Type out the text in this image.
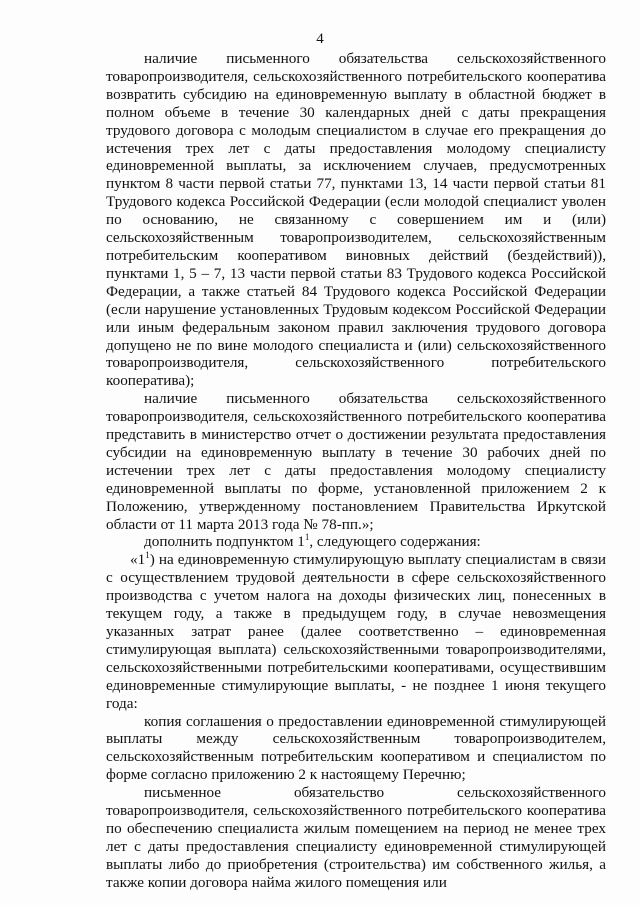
4

наличие письменного обязательства сельскохозяйственного товаропроизводителя, сельскохозяйственного потребительского кооператива возвратить субсидию на единовременную выплату в областной бюджет в полном объеме в течение 30 календарных дней с даты прекращения трудового договора с молодым специалистом в случае его прекращения до истечения трех лет с даты предоставления молодому специалисту единовременной выплаты, за исключением случаев, предусмотренных пунктом 8 части первой статьи 77, пунктами 13, 14 части первой статьи 81 Трудового кодекса Российской Федерации (если молодой специалист уволен по основанию, не связанному с совершением им и (или) сельскохозяйственным товаропроизводителем, сельскохозяйственным потребительским кооперативом виновных действий (бездействий)), пунктами 1, 5 – 7, 13 части первой статьи 83 Трудового кодекса Российской Федерации, а также статьей 84 Трудового кодекса Российской Федерации (если нарушение установленных Трудовым кодексом Российской Федерации или иным федеральным законом правил заключения трудового договора допущено не по вине молодого специалиста и (или) сельскохозяйственного товаропроизводителя, сельскохозяйственного потребительского кооператива);

наличие письменного обязательства сельскохозяйственного товаропроизводителя, сельскохозяйственного потребительского кооператива представить в министерство отчет о достижении результата предоставления субсидии на единовременную выплату в течение 30 рабочих дней по истечении трех лет с даты предоставления молодому специалисту единовременной выплаты по форме, установленной приложением 2 к Положению, утвержденному постановлением Правительства Иркутской области от 11 марта 2013 года № 78-пп.»;

дополнить подпунктом $1^1$, следующего содержания:

«$1^1$) на единовременную стимулирующую выплату специалистам в связи с осуществлением трудовой деятельности в сфере сельскохозяйственного производства с учетом налога на доходы физических лиц, понесенных в текущем году, а также в предыдущем году, в случае невозмещения указанных затрат ранее (далее соответственно – единовременная стимулирующая выплата) сельскохозяйственными товаропроизводителями, сельскохозяйственными потребительскими кооперативами, осуществившим единовременные стимулирующие выплаты, - не позднее 1 июня текущего года:

копия соглашения о предоставлении единовременной стимулирующей выплаты между сельскохозяйственным товаропроизводителем, сельскохозяйственным потребительским кооперативом и специалистом по форме согласно приложению 2 к настоящему Перечню;

письменное обязательство сельскохозяйственного товаропроизводителя, сельскохозяйственного потребительского кооператива по обеспечению специалиста жилым помещением на период не менее трех лет с даты предоставления специалисту единовременной стимулирующей выплаты либо до приобретения (строительства) им собственного жилья, а также копии договора найма жилого помещения или
